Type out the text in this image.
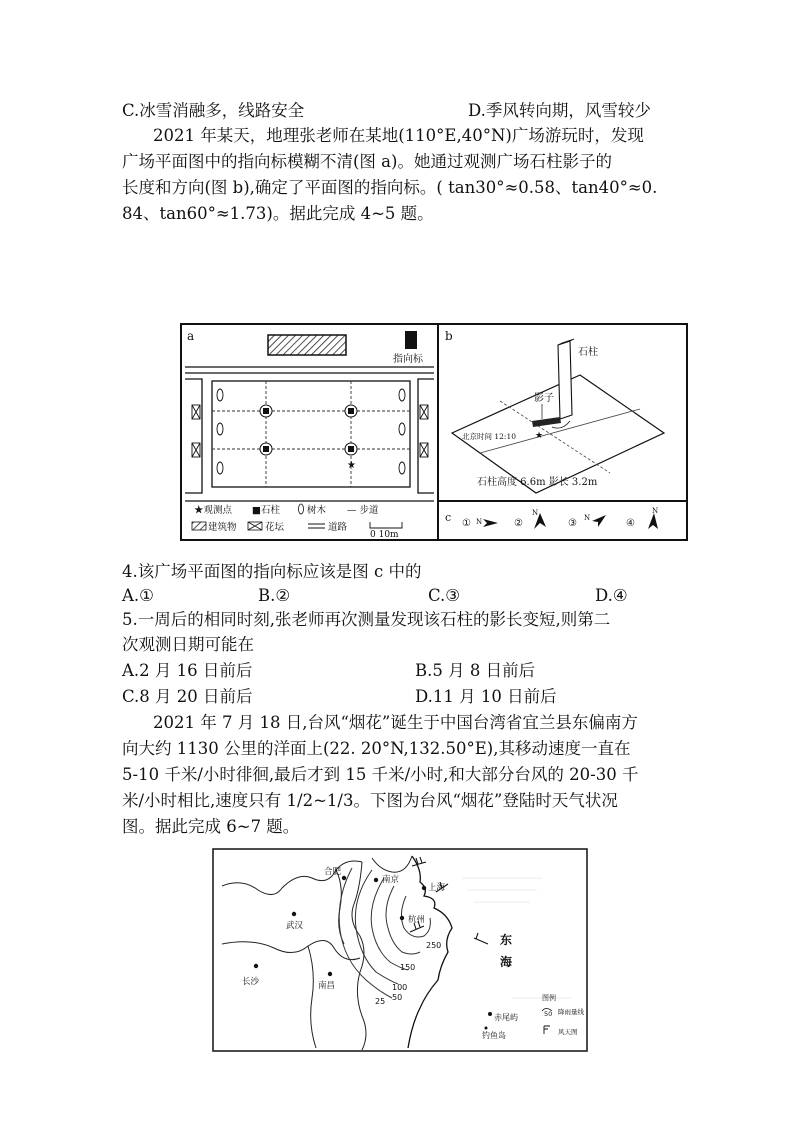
C.冰雪消融多，线路安全	D.季风转向期，风雪较少
2021 年某天，地理张老师在某地(110°E,40°N)广场游玩时，发现
广场平面图中的指向标模糊不清(图 a)。她通过观测广场石柱影子的
长度和方向(图 b),确定了平面图的指向标。( tan30°≈0.58、tan40°≈0.
84、tan60°≈1.73)。据此完成 4~5 题。
a
指向标
★
★观测点 ■石柱	树木 — 步道
建筑物	花坛	道路
0 10m
b
石柱
影子
★
北京时间 12:10
石柱高度 6.6m 影长 3.2m
c ① N	②
N
③ N	④
N
4.该广场平面图的指向标应该是图 c 中的
A.①	B.②	C.③	D.④
5.一周后的相同时刻,张老师再次测量发现该石柱的影长变短,则第二
次观测日期可能在
A.2 月 16 日前后	B.5 月 8 日前后
C.8 月 20 日前后	D.11 月 10 日前后
2021 年 7 月 18 日,台风“烟花”诞生于中国台湾省宜兰县东偏南方
向大约 1130 公里的洋面上(22. 20°N,132.50°E),其移动速度一直在
5-10 千米/小时徘徊,最后才到 15 千米/小时,和大部分台风的 20-30 千
米/小时相比,速度只有 1/2~1/3。下图为台风“烟花”登陆时天气状况
图。据此完成 6~7 题。
合肥
南京
上海
杭州
武汉
南昌
长沙
250
150
100
50
25
东
海
赤尾屿
钓鱼岛
图例
50 降雨量线
风天图
